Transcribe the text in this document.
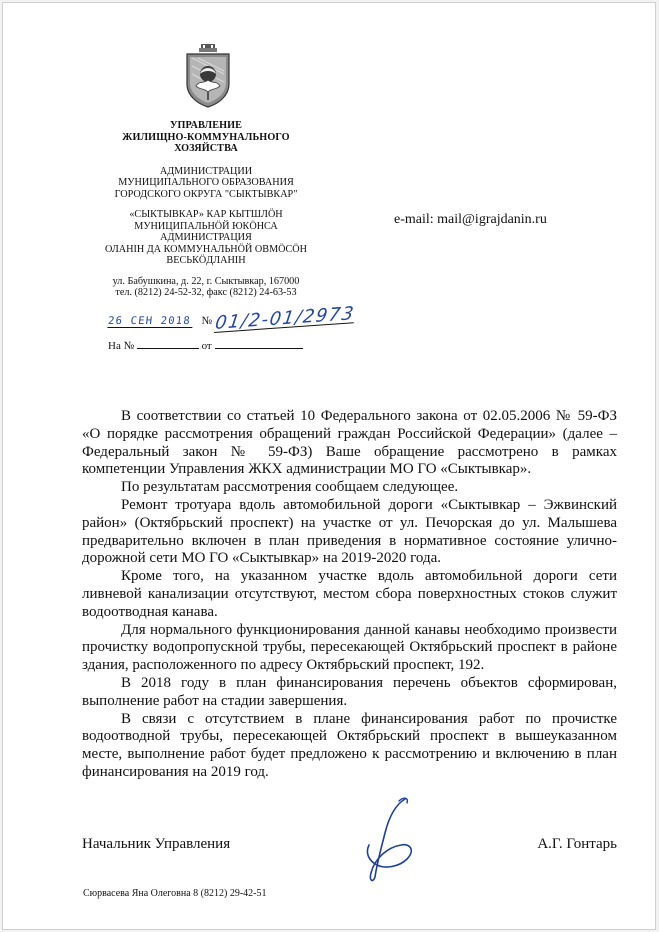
УПРАВЛЕНИЕ
ЖИЛИЩНО-КОММУНАЛЬНОГО
ХОЗЯЙСТВА
АДМИНИСТРАЦИИ
МУНИЦИПАЛЬНОГО ОБРАЗОВАНИЯ
ГОРОДСКОГО ОКРУГА "СЫКТЫВКАР"
«СЫКТЫВКАР» КАР КЫТШЛÖН
МУНИЦИПАЛЬНÖЙ ЮКÖНСА
АДМИНИСТРАЦИЯ
ОЛАНІН ДА КОММУНАЛЬНÖЙ ОВМÖСÖН
ВЕСЬКÖДЛАНІН
ул. Бабушкина, д. 22, г. Сыктывкар, 167000
тел. (8212) 24-52-32, факс (8212) 24-63-53
e-mail: mail@igrajdanin.ru
26 СЕН 2018 № 01/2-01/2973
На №	от

В соответствии со статьей 10 Федерального закона от 02.05.2006 № 59-ФЗ «О порядке рассмотрения обращений граждан Российской Федерации» (далее – Федеральный закон № 59-ФЗ) Ваше обращение рассмотрено в рамках компетенции Управления ЖКХ администрации МО ГО «Сыктывкар».

По результатам рассмотрения сообщаем следующее.

Ремонт тротуара вдоль автомобильной дороги «Сыктывкар – Эжвинский район» (Октябрьский проспект) на участке от ул. Печорская до ул. Малышева предварительно включен в план приведения в нормативное состояние улично-дорожной сети МО ГО «Сыктывкар» на 2019-2020 года.

Кроме того, на указанном участке вдоль автомобильной дороги сети ливневой канализации отсутствуют, местом сбора поверхностных стоков служит водоотводная канава.

Для нормального функционирования данной канавы необходимо произвести прочистку водопропускной трубы, пересекающей Октябрьский проспект в районе здания, расположенного по адресу Октябрьский проспект, 192.

В 2018 году в план финансирования перечень объектов сформирован, выполнение работ на стадии завершения.

В связи с отсутствием в плане финансирования работ по прочистке водоотводной трубы, пересекающей Октябрьский проспект в вышеуказанном месте, выполнение работ будет предложено к рассмотрению и включению в план финансирования на 2019 год.

Начальник Управления	А.Г. Гонтарь
Сюрвасева Яна Олеговна 8 (8212) 29-42-51
